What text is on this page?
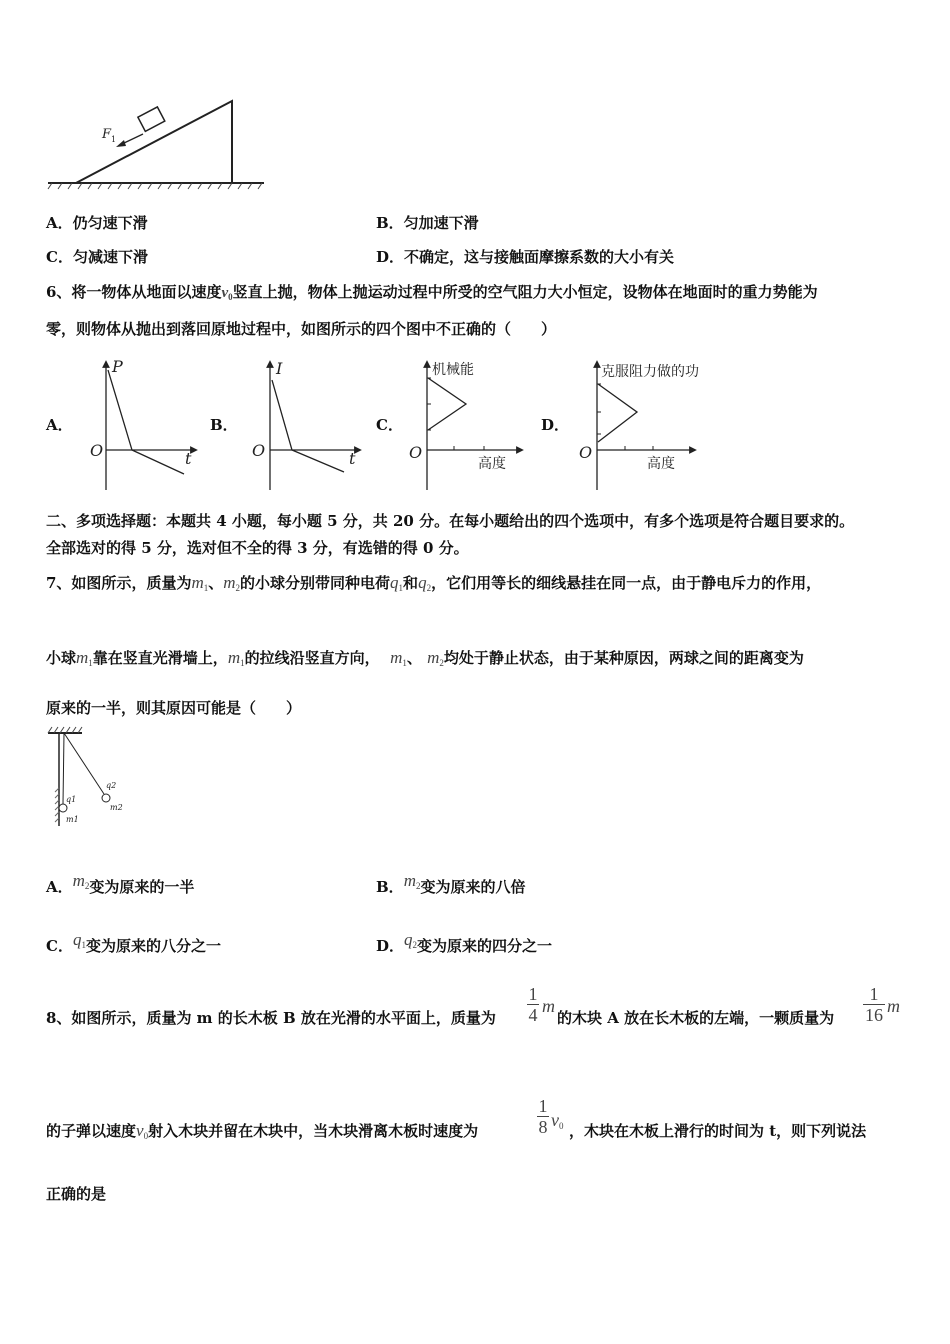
F 1
A．仍匀速下滑	B．匀加速下滑
C．匀减速下滑	D．不确定，这与接触面摩擦系数的大小有关
6、将一物体从地面以速度$v_0$竖直上抛，物体上抛运动过程中所受的空气阻力大小恒定，设物体在地面时的重力势能为
零，则物体从抛出到落回原地过程中，如图所示的四个图中不正确的（　　）
A．	B．	C．	D．
P
t
O
I
t
O
机械能
高度
O
克服阻力做的功
高度
O
二、多项选择题：本题共 4 小题，每小题 5 分，共 20 分。在每小题给出的四个选项中，有多个选项是符合题目要求的。
全部选对的得 5 分，选对但不全的得 3 分，有选错的得 0 分。
7、如图所示，质量为$m_1$、$m_2$的小球分别带同种电荷$q_1$和$q_2$，它们用等长的细线悬挂在同一点，由于静电斥力的作用，
小球$m_1$靠在竖直光滑墙上，$m_1$的拉线沿竖直方向， $m_1$、 $m_2$均处于静止状态，由于某种原因，两球之间的距离变为
原来的一半，则其原因可能是（　　）
q1
m1
q2
m2
A．$m_2$变为原来的一半	B．$m_2$变为原来的八倍
C．$q_1$变为原来的八分之一	D．$q_2$变为原来的四分之一
8、如图所示，质量为 m 的长木板 B 放在光滑的水平面上，质量为
1
4 m
的木块 A 放在长木板的左端，一颗质量为
1
16 m
的子弹以速度$v_0$射入木块并留在木块中，当木块滑离木板时速度为
1
8 $v_0$ ，木块在木板上滑行的时间为 t，则下列说法
正确的是
